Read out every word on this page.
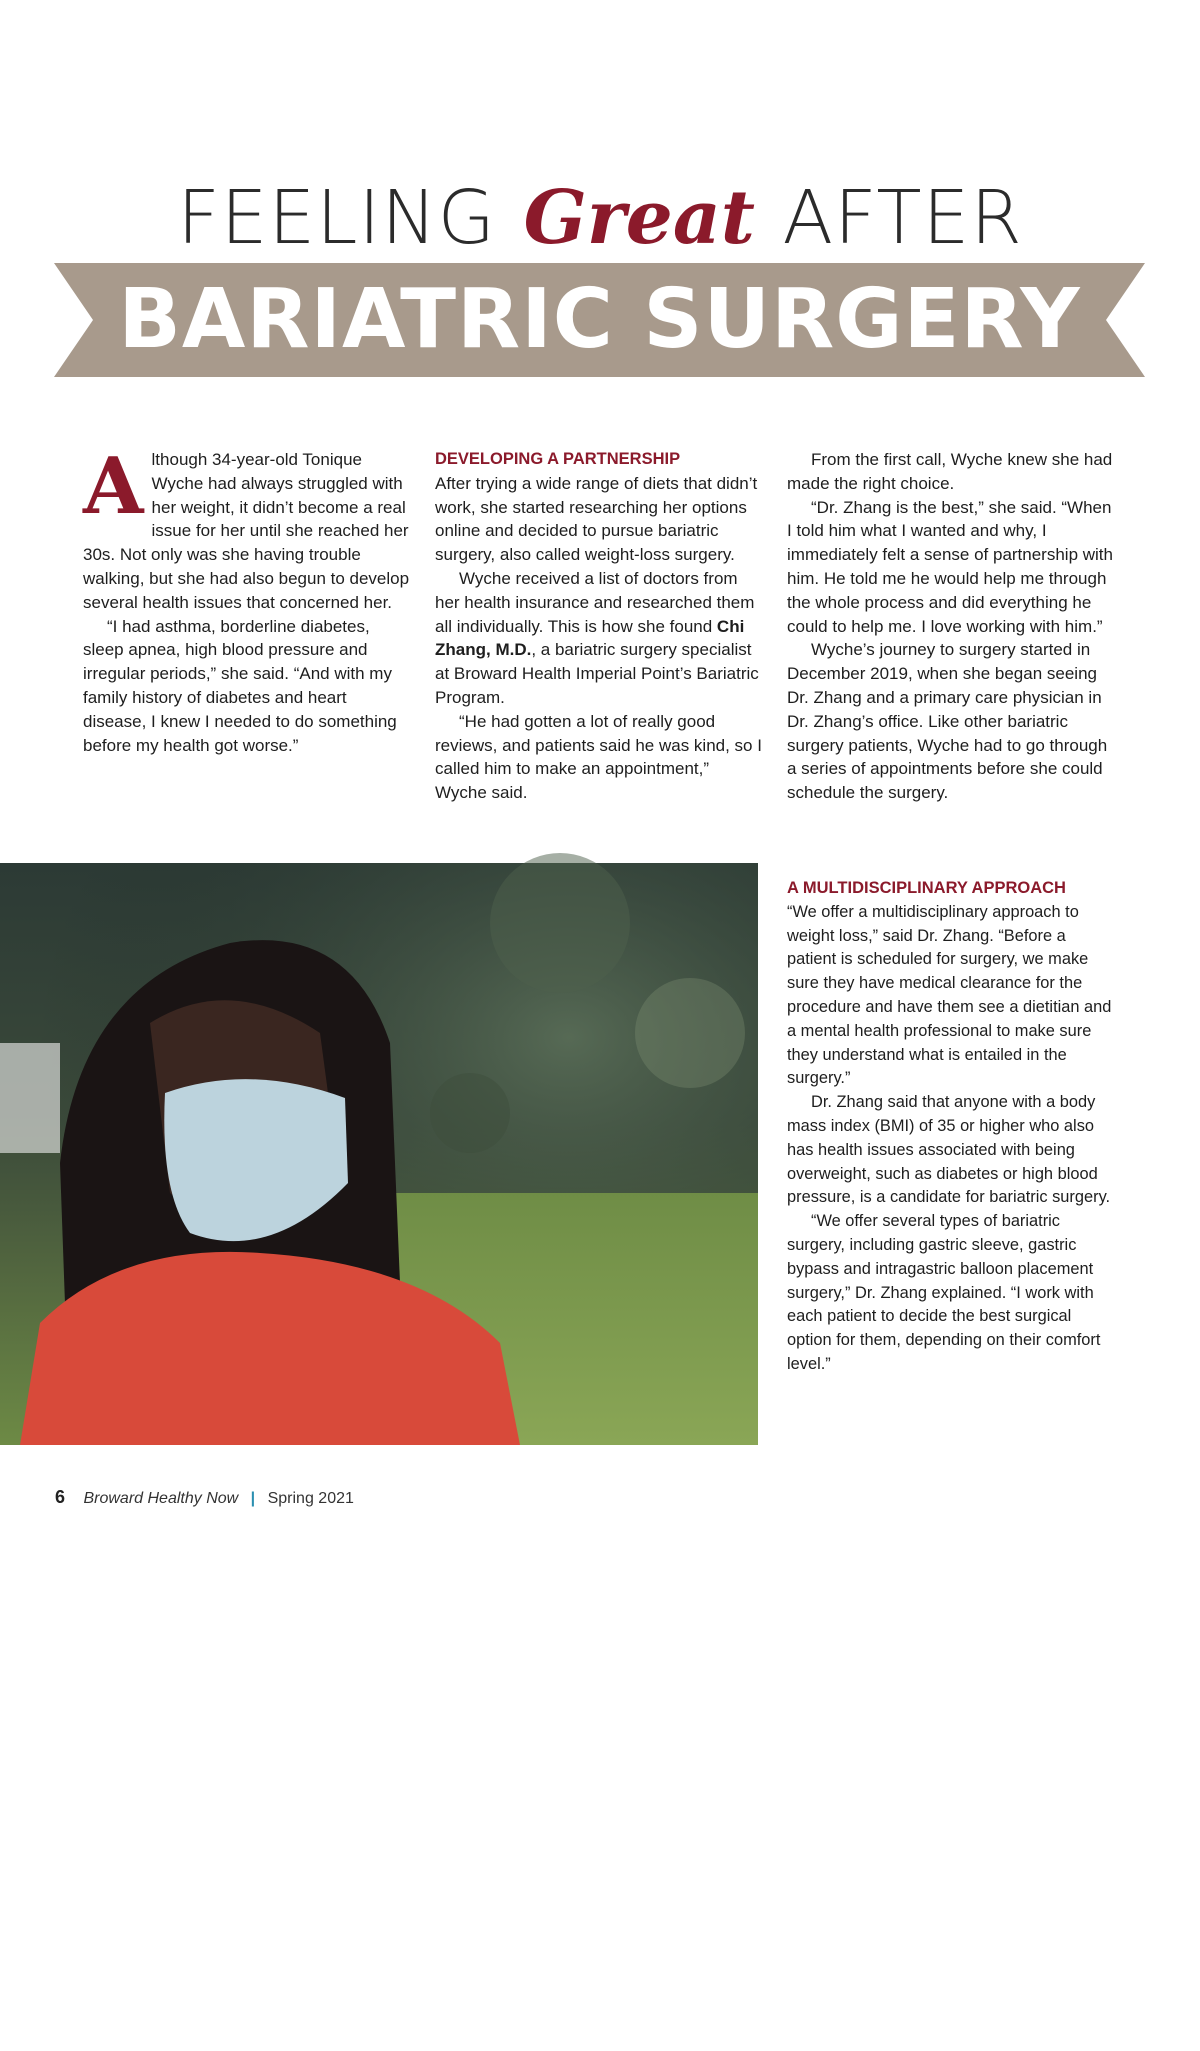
FEELING Great AFTER
BARIATRIC SURGERY

Although 34-year-old Tonique Wyche had always struggled with her weight, it didn’t become a real issue for her until she reached her 30s. Not only was she having trouble walking, but she had also begun to develop several health issues that concerned her.

“I had asthma, borderline diabetes, sleep apnea, high blood pressure and irregular periods,” she said. “And with my family history of diabetes and heart disease, I knew I needed to do something before my health got worse.”

DEVELOPING A PARTNERSHIP

After trying a wide range of diets that didn’t work, she started researching her options online and decided to pursue bariatric surgery, also called weight-loss surgery.

Wyche received a list of doctors from her health insurance and researched them all individually. This is how she found Chi Zhang, M.D., a bariatric surgery specialist at Broward Health Imperial Point’s Bariatric Program.

“He had gotten a lot of really good reviews, and patients said he was kind, so I called him to make an appointment,” Wyche said.

From the first call, Wyche knew she had made the right choice.

“Dr. Zhang is the best,” she said. “When I told him what I wanted and why, I immediately felt a sense of partnership with him. He told me he would help me through the whole process and did everything he could to help me. I love working with him.”

Wyche’s journey to surgery started in December 2019, when she began seeing Dr. Zhang and a primary care physician in Dr. Zhang’s office. Like other bariatric surgery patients, Wyche had to go through a series of appointments before she could schedule the surgery.

A MULTIDISCIPLINARY APPROACH

“We offer a multidisciplinary approach to weight loss,” said Dr. Zhang. “Before a patient is scheduled for surgery, we make sure they have medical clearance for the procedure and have them see a dietitian and a mental health professional to make sure they understand what is entailed in the surgery.”

Dr. Zhang said that anyone with a body mass index (BMI) of 35 or higher who also has health issues associated with being overweight, such as diabetes or high blood pressure, is a candidate for bariatric surgery.

“We offer several types of bariatric surgery, including gastric sleeve, gastric bypass and intragastric balloon placement surgery,” Dr. Zhang explained. “I work with each patient to decide the best surgical option for them, depending on their comfort level.”

“DR. ZHANG IS THE BEST. WHEN I TOLD HIM WHAT I WANTED AND WHY, I IMMEDIATELY FELT A SENSE OF PARTNERSHIP WITH HIM.”
6 Broward Healthy Now | Spring 2021
